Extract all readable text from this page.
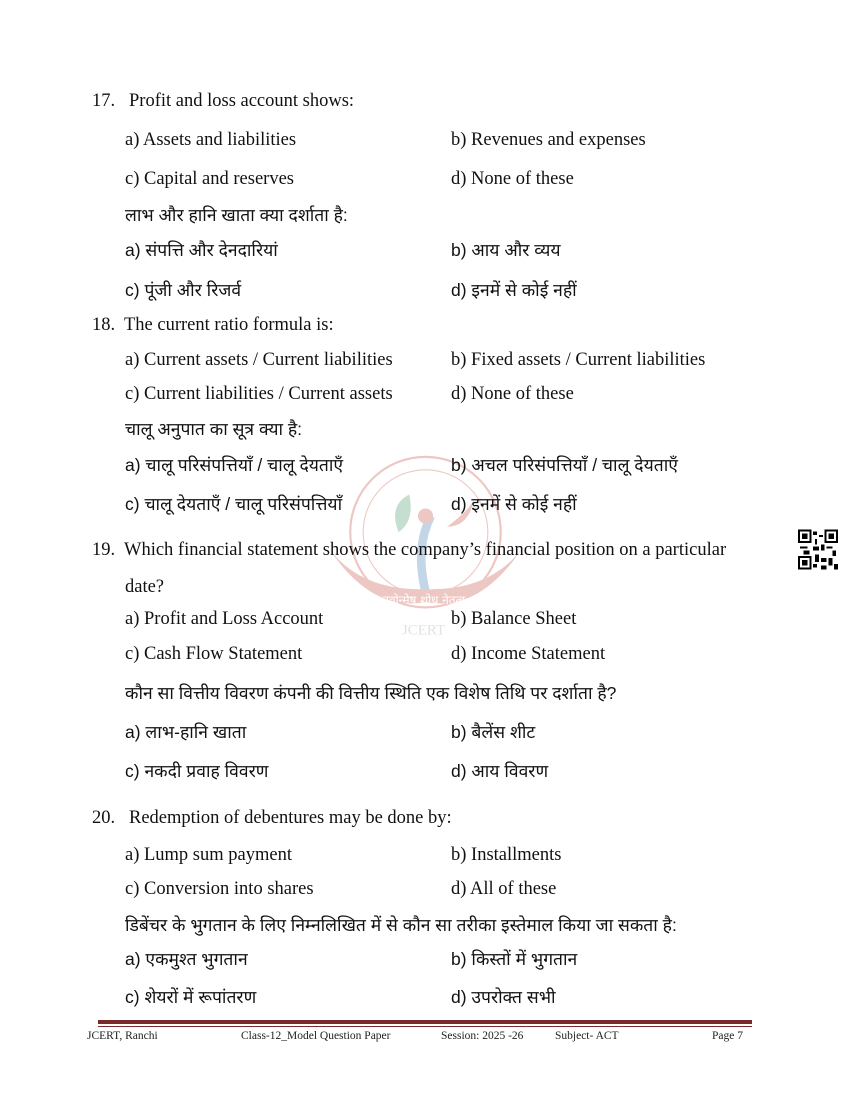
नवोन्मेष शोध नेतृत्व
JCERT
17. Profit and loss account shows:
a) Assets and liabilities
a) संपत्ति और देनदारियां
b) Revenues and expenses
b) आय और व्यय
c) Capital and reserves
c) पूंजी और रिजर्व
d) None of these
d) इनमें से कोई नहीं
लाभ और हानि खाता क्या दर्शाता है:
18. The current ratio formula is:
a) Current assets / Current liabilities
a) चालू परिसंपत्तियाँ / चालू देयताएँ
b) Fixed assets / Current liabilities
b) अचल परिसंपत्तियाँ / चालू देयताएँ
c) Current liabilities / Current assets
c) चालू देयताएँ / चालू परिसंपत्तियाँ
d) None of these
d) इनमें से कोई नहीं
चालू अनुपात का सूत्र क्या है:
19. Which financial statement shows the company’s financial position on a particular
date?
a) Profit and Loss Account
a) लाभ-हानि खाता
b) Balance Sheet
b) बैलेंस शीट
c) Cash Flow Statement
c) नकदी प्रवाह विवरण
d) Income Statement
d) आय विवरण
कौन सा वित्तीय विवरण कंपनी की वित्तीय स्थिति एक विशेष तिथि पर दर्शाता है?
20. Redemption of debentures may be done by:
a) Lump sum payment
a) एकमुश्त भुगतान
b) Installments
b) किस्तों में भुगतान
c) Conversion into shares
c) शेयरों में रूपांतरण
d) All of these
d) उपरोक्त सभी
डिबेंचर के भुगतान के लिए निम्नलिखित में से कौन सा तरीका इस्तेमाल किया जा सकता है:
JCERT, Ranchi	Class-12_Model Question Paper	Session: 2025 -26	Subject- ACT	Page 7
